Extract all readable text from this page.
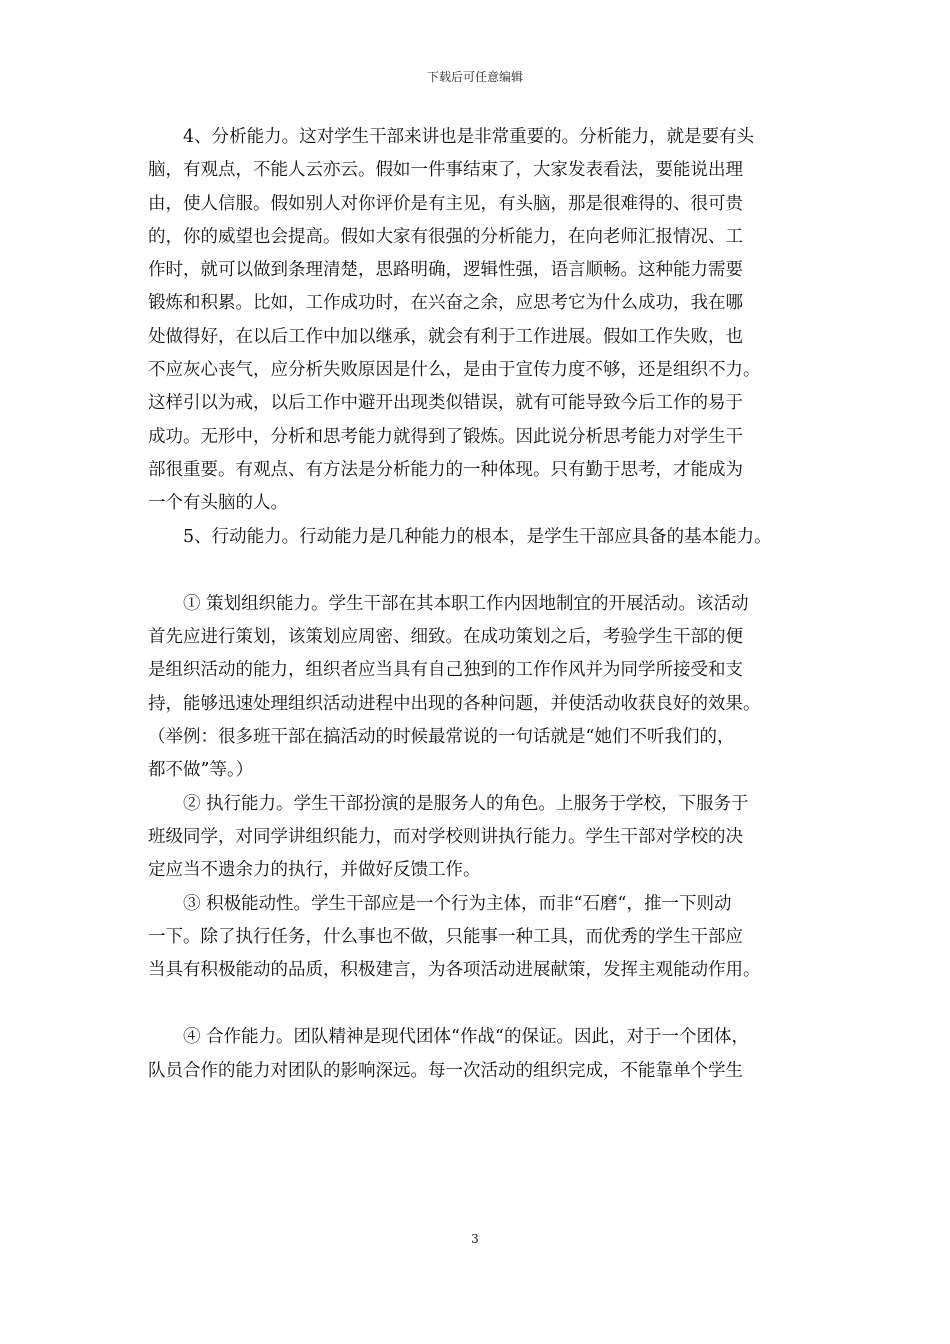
下载后可任意编辑
4、分析能力。这对学生干部来讲也是非常重要的。分析能力，就是要有头
脑，有观点，不能人云亦云。假如一件事结束了，大家发表看法，要能说出理
由，使人信服。假如别人对你评价是有主见，有头脑，那是很难得的、很可贵
的，你的威望也会提高。假如大家有很强的分析能力，在向老师汇报情况、工
作时，就可以做到条理清楚，思路明确，逻辑性强，语言顺畅。这种能力需要
锻炼和积累。比如，工作成功时，在兴奋之余，应思考它为什么成功，我在哪
处做得好，在以后工作中加以继承，就会有利于工作进展。假如工作失败，也
不应灰心丧气，应分析失败原因是什么，是由于宣传力度不够，还是组织不力。
这样引以为戒，以后工作中避开出现类似错误，就有可能导致今后工作的易于
成功。无形中，分析和思考能力就得到了锻炼。因此说分析思考能力对学生干
部很重要。有观点、有方法是分析能力的一种体现。只有勤于思考，才能成为
一个有头脑的人。
5、行动能力。行动能力是几种能力的根本，是学生干部应具备的基本能力。
① 策划组织能力。学生干部在其本职工作内因地制宜的开展活动。该活动
首先应进行策划，该策划应周密、细致。在成功策划之后，考验学生干部的便
是组织活动的能力，组织者应当具有自己独到的工作作风并为同学所接受和支
持，能够迅速处理组织活动进程中出现的各种问题，并使活动收获良好的效果。
（举例：很多班干部在搞活动的时候最常说的一句话就是“她们不听我们的，
都不做”等。）
② 执行能力。学生干部扮演的是服务人的角色。上服务于学校，下服务于
班级同学，对同学讲组织能力，而对学校则讲执行能力。学生干部对学校的决
定应当不遗余力的执行，并做好反馈工作。
③ 积极能动性。学生干部应是一个行为主体，而非“石磨“，推一下则动
一下。除了执行任务，什么事也不做，只能事一种工具，而优秀的学生干部应
当具有积极能动的品质，积极建言，为各项活动进展献策，发挥主观能动作用。
④ 合作能力。团队精神是现代团体“作战“的保证。因此，对于一个团体，
队员合作的能力对团队的影响深远。每一次活动的组织完成，不能靠单个学生
3
